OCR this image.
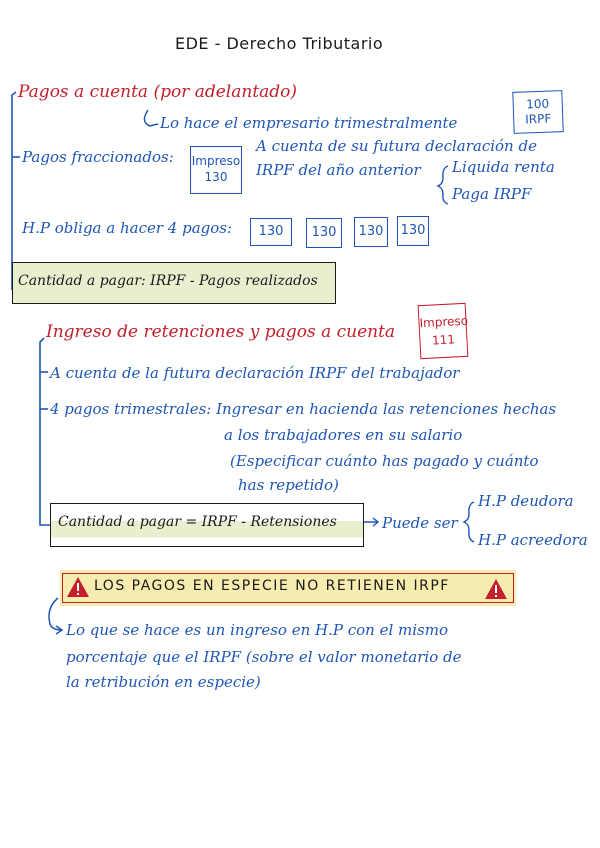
EDE - Derecho Tributario
Pagos a cuenta (por adelantado)
Lo hace el empresario trimestralmente
100
IRPF
Pagos fraccionados: Impreso
130
A cuenta de su futura declaración de
IRPF del año anterior Liquida renta
Paga IRPF
H.P obliga a hacer 4 pagos:	130	130	130	130
Cantidad a pagar: IRPF - Pagos realizados
Ingreso de retenciones y pagos a cuenta
Impreso
111
A cuenta de la futura declaración IRPF del trabajador
4 pagos trimestrales: Ingresar en hacienda las retenciones hechas
a los trabajadores en su salario
(Especificar cuánto has pagado y cuánto
has repetido)
Cantidad a pagar = IRPF - Retensiones	Puede ser
H.P deudora
H.P acreedora
LOS PAGOS EN ESPECIE NO RETIENEN IRPF
Lo que se hace es un ingreso en H.P con el mismo
porcentaje que el IRPF (sobre el valor monetario de
la retribución en especie)
